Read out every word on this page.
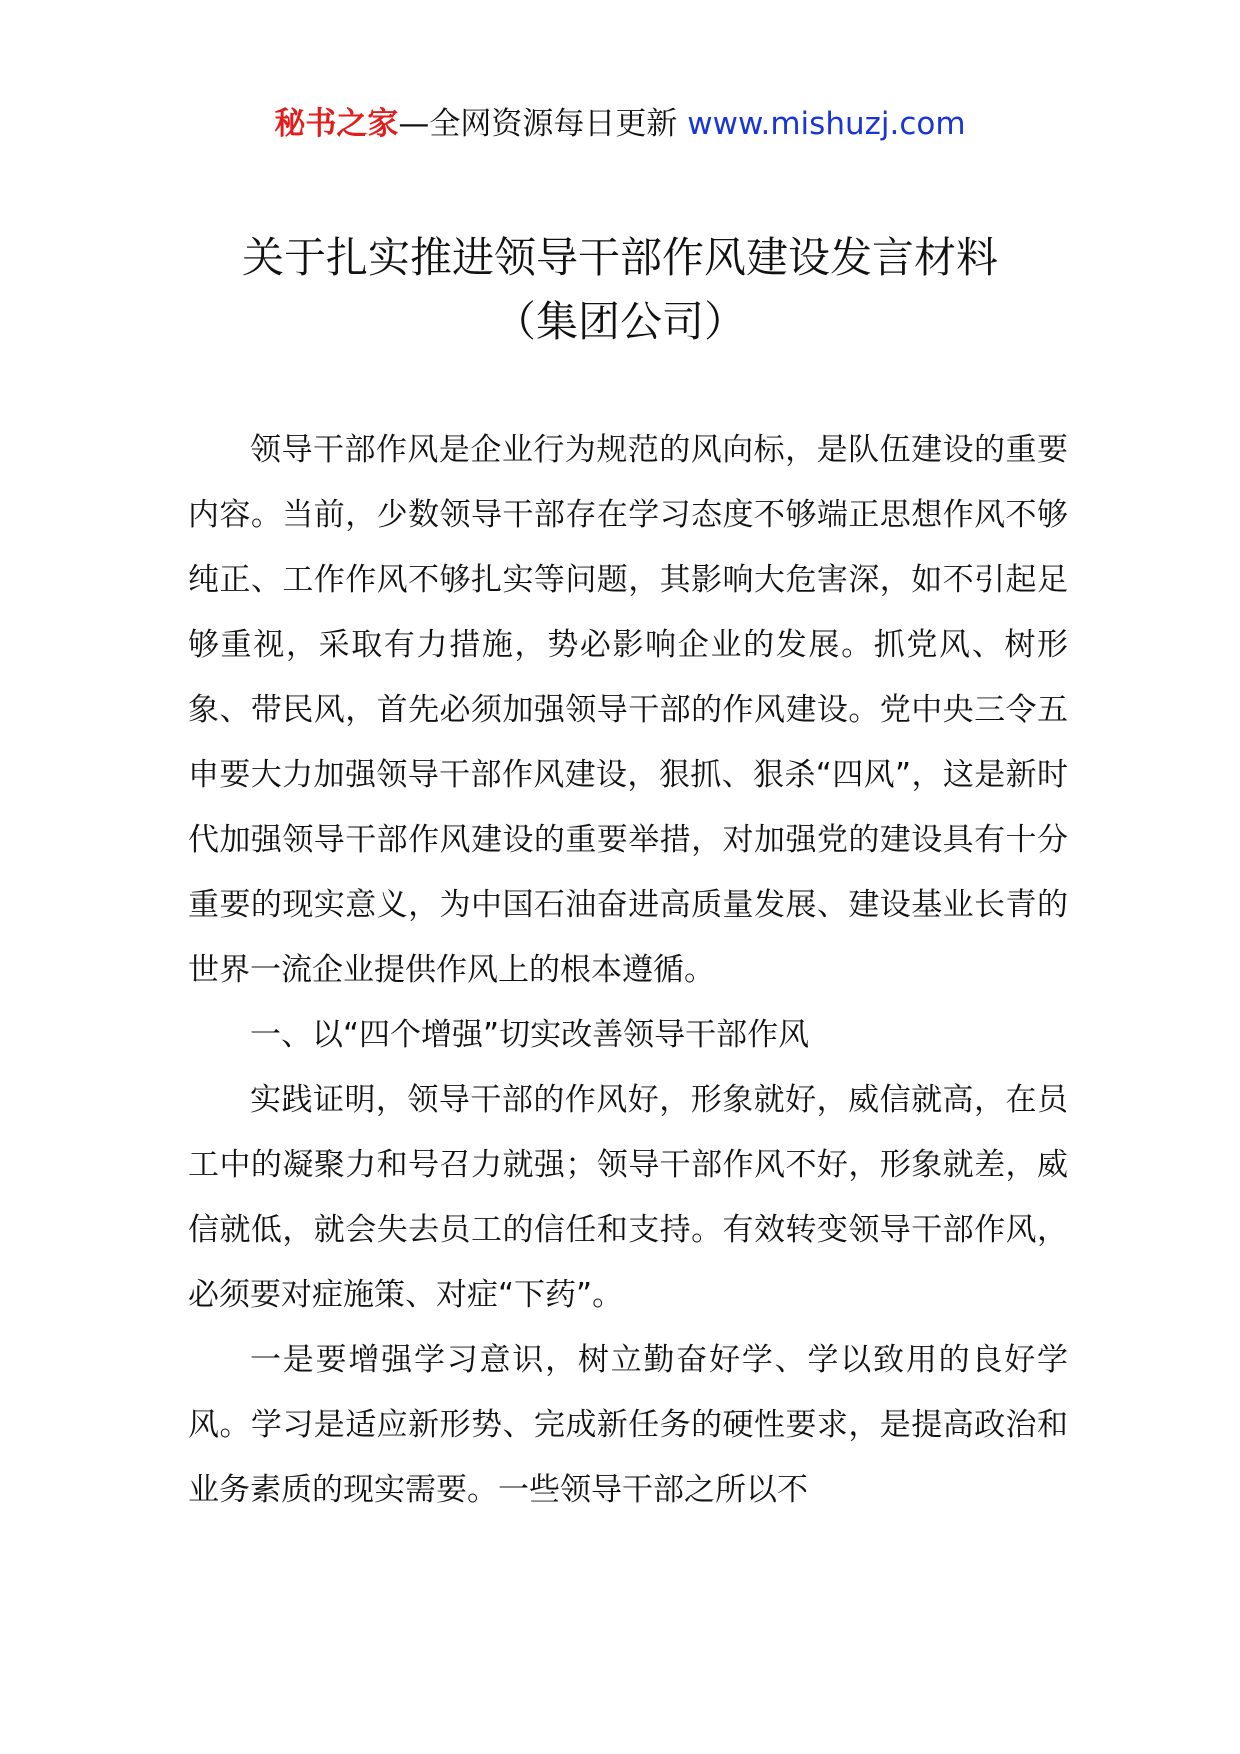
秘书之家—全网资源每日更新 www.mishuzj.com
关于扎实推进领导干部作风建设发言材料
（集团公司）

领导干部作风是企业行为规范的风向标，是队伍建设的重要内容。当前，少数领导干部存在学习态度不够端正思想作风不够纯正、工作作风不够扎实等问题，其影响大危害深，如不引起足够重视，采取有力措施，势必影响企业的发展。抓党风、树形象、带民风，首先必须加强领导干部的作风建设。党中央三令五申要大力加强领导干部作风建设，狠抓、狠杀“四风”，这是新时代加强领导干部作风建设的重要举措，对加强党的建设具有十分重要的现实意义，为中国石油奋进高质量发展、建设基业长青的世界一流企业提供作风上的根本遵循。

一、以“四个增强”切实改善领导干部作风

实践证明，领导干部的作风好，形象就好，威信就高，在员工中的凝聚力和号召力就强；领导干部作风不好，形象就差，威信就低，就会失去员工的信任和支持。有效转变领导干部作风，必须要对症施策、对症“下药”。

一是要增强学习意识，树立勤奋好学、学以致用的良好学风。学习是适应新形势、完成新任务的硬性要求，是提高政治和业务素质的现实需要。一些领导干部之所以不
